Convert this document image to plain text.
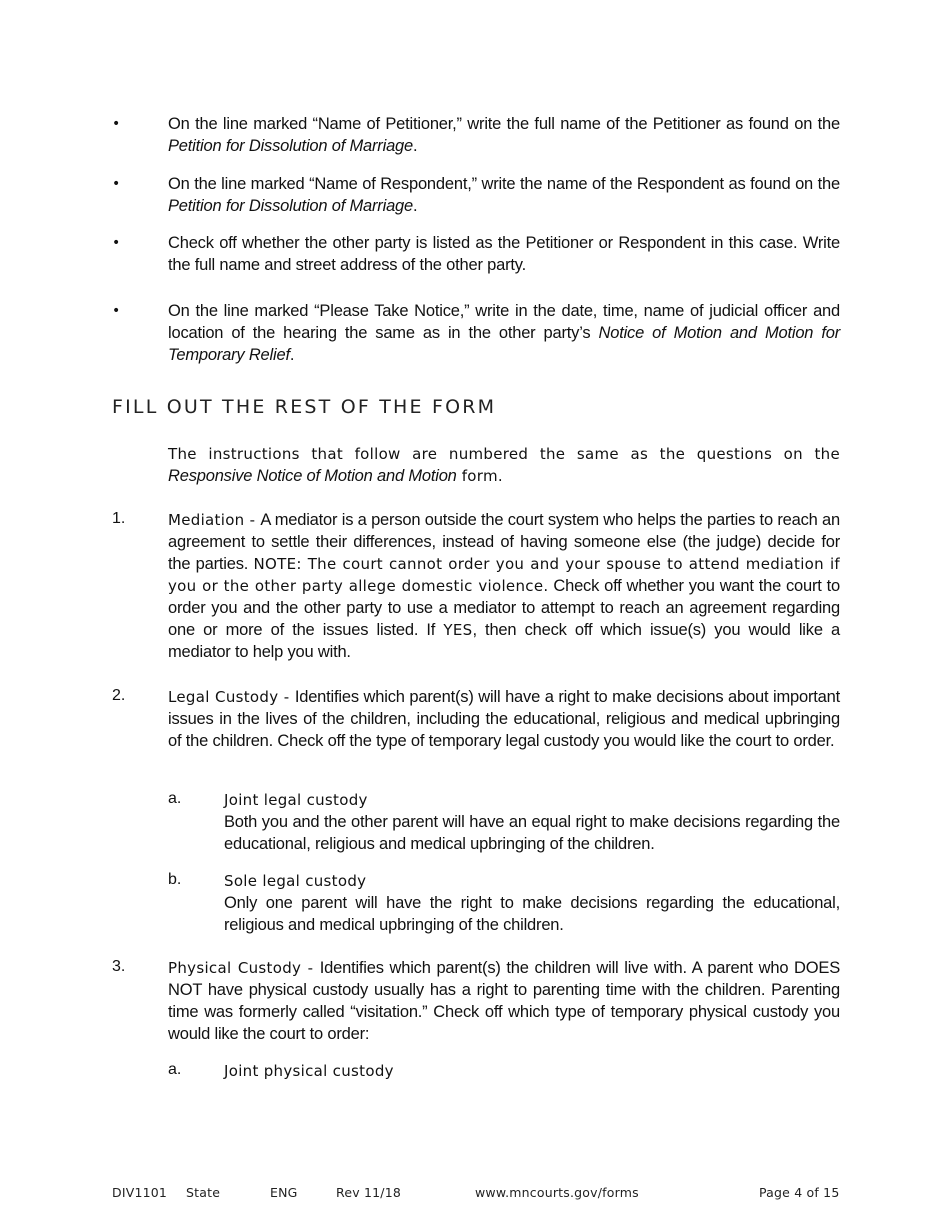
•	On the line marked “Name of Petitioner,” write the full name of the Petitioner as found on the Petition for Dissolution of Marriage.
•	On the line marked “Name of Respondent,” write the name of the Respondent as found on the Petition for Dissolution of Marriage.
•	Check off whether the other party is listed as the Petitioner or Respondent in this case. Write the full name and street address of the other party.
•	On the line marked “Please Take Notice,” write in the date, time, name of judicial officer and location of the hearing the same as in the other party’s Notice of Motion and Motion for Temporary Relief.
FILL OUT THE REST OF THE FORM
The instructions that follow are numbered the same as the questions on the Responsive Notice of Motion and Motion form.
1.	Mediation - A mediator is a person outside the court system who helps the parties to reach an agreement to settle their differences, instead of having someone else (the judge) decide for the parties. NOTE: The court cannot order you and your spouse to attend mediation if you or the other party allege domestic violence. Check off whether you want the court to order you and the other party to use a mediator to attempt to reach an agreement regarding one or more of the issues listed. If YES, then check off which issue(s) you would like a mediator to help you with.
2.	Legal Custody - Identifies which parent(s) will have a right to make decisions about important issues in the lives of the children, including the educational, religious and medical upbringing of the children. Check off the type of temporary legal custody you would like the court to order.
a.	Joint legal custody
Both you and the other parent will have an equal right to make decisions regarding the educational, religious and medical upbringing of the children.
b.	Sole legal custody
Only one parent will have the right to make decisions regarding the educational, religious and medical upbringing of the children.
3.	Physical Custody - Identifies which parent(s) the children will live with. A parent who DOES NOT have physical custody usually has a right to parenting time with the children. Parenting time was formerly called “visitation.” Check off which type of temporary physical custody you would like the court to order:
a.	Joint physical custody
DIV1101 State	ENG	Rev 11/18	www.mncourts.gov/forms	Page 4 of 15
